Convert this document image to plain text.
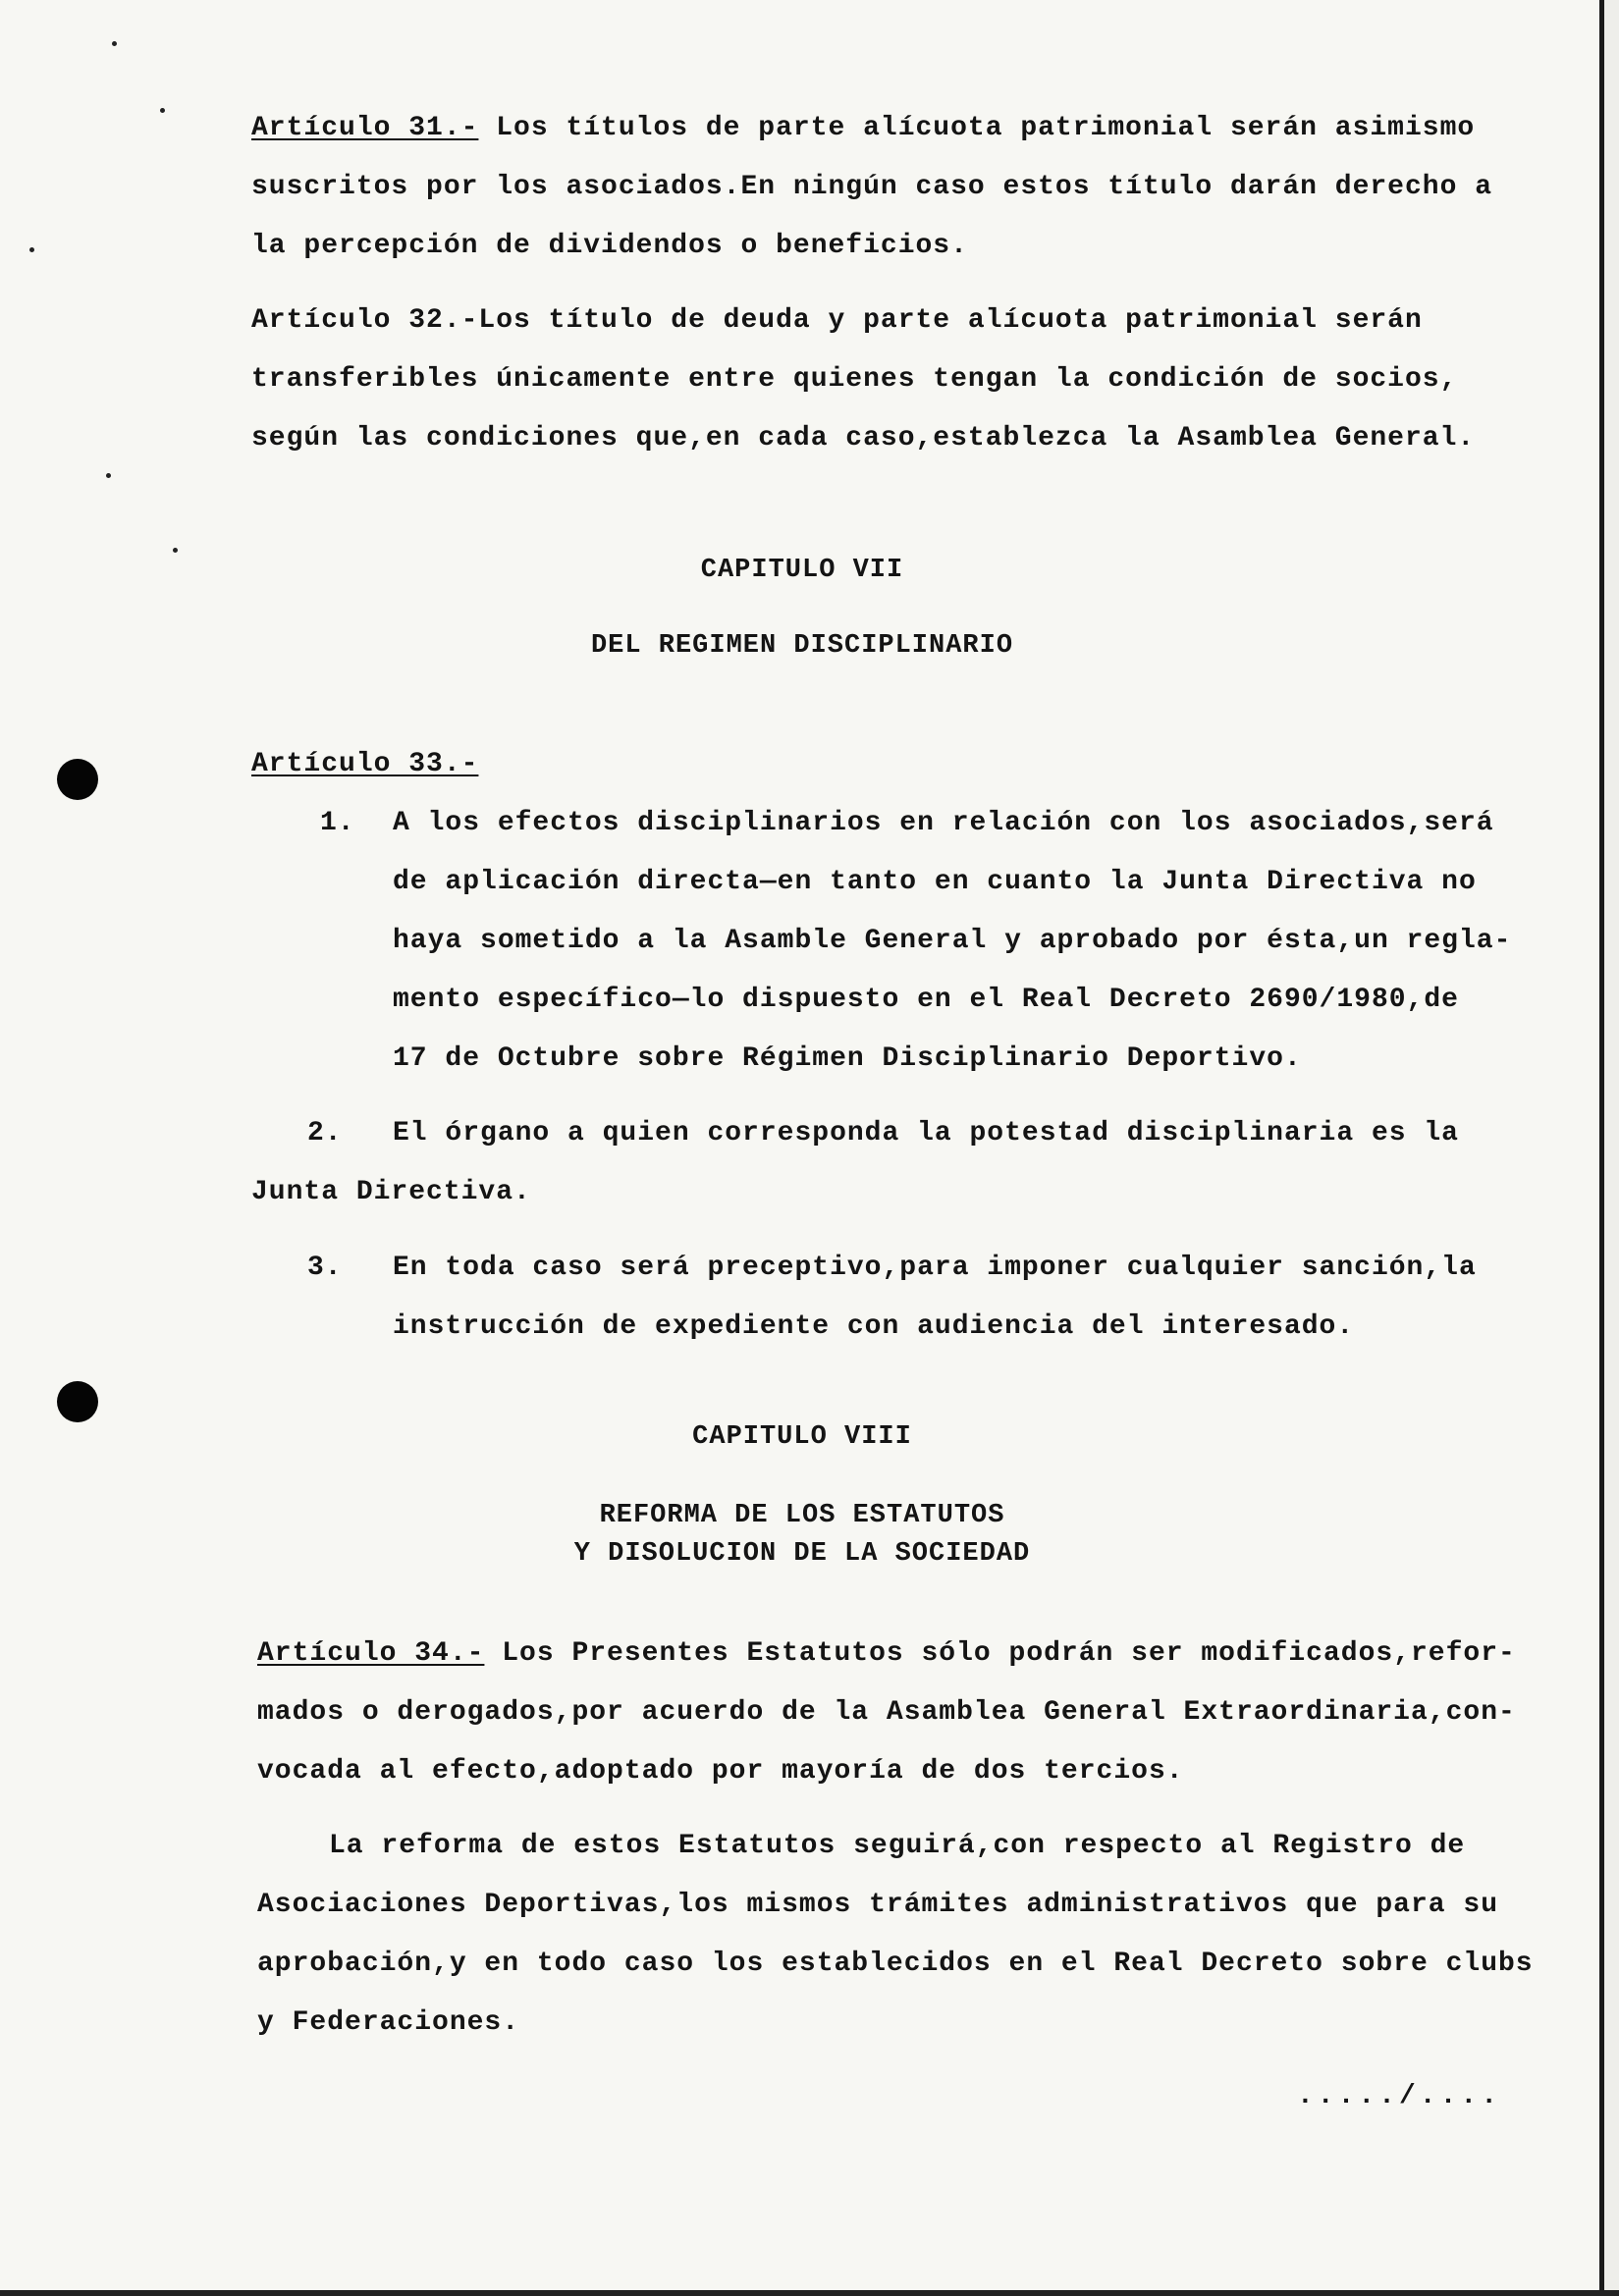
Artículo 31.- Los títulos de parte alícuota patrimonial serán asimismo

suscritos por los asociados.En ningún caso estos título darán derecho a

la percepción de dividendos o beneficios.

Artículo 32.-Los título de deuda y parte alícuota patrimonial serán

transferibles únicamente entre quienes tengan la condición de socios,

según las condiciones que,en cada caso,establezca la Asamblea General.

CAPITULO VII

DEL REGIMEN DISCIPLINARIO

Artículo 33.-

1. A los efectos disciplinarios en relación con los asociados,será

de aplicación directa—en tanto en cuanto la Junta Directiva no

haya sometido a la Asamble General y aprobado por ésta,un regla-

mento específico—lo dispuesto en el Real Decreto 2690/1980,de

17 de Octubre sobre Régimen Disciplinario Deportivo.

2. El órgano a quien corresponda la potestad disciplinaria es la

Junta Directiva.

3. En toda caso será preceptivo,para imponer cualquier sanción,la

instrucción de expediente con audiencia del interesado.

CAPITULO VIII

REFORMA DE LOS ESTATUTOS

Y DISOLUCION DE LA SOCIEDAD

Artículo 34.- Los Presentes Estatutos sólo podrán ser modificados,refor-

mados o derogados,por acuerdo de la Asamblea General Extraordinaria,con-

vocada al efecto,adoptado por mayoría de dos tercios.

La reforma de estos Estatutos seguirá,con respecto al Registro de

Asociaciones Deportivas,los mismos trámites administrativos que para su

aprobación,y en todo caso los establecidos en el Real Decreto sobre clubs

y Federaciones.

...../....
